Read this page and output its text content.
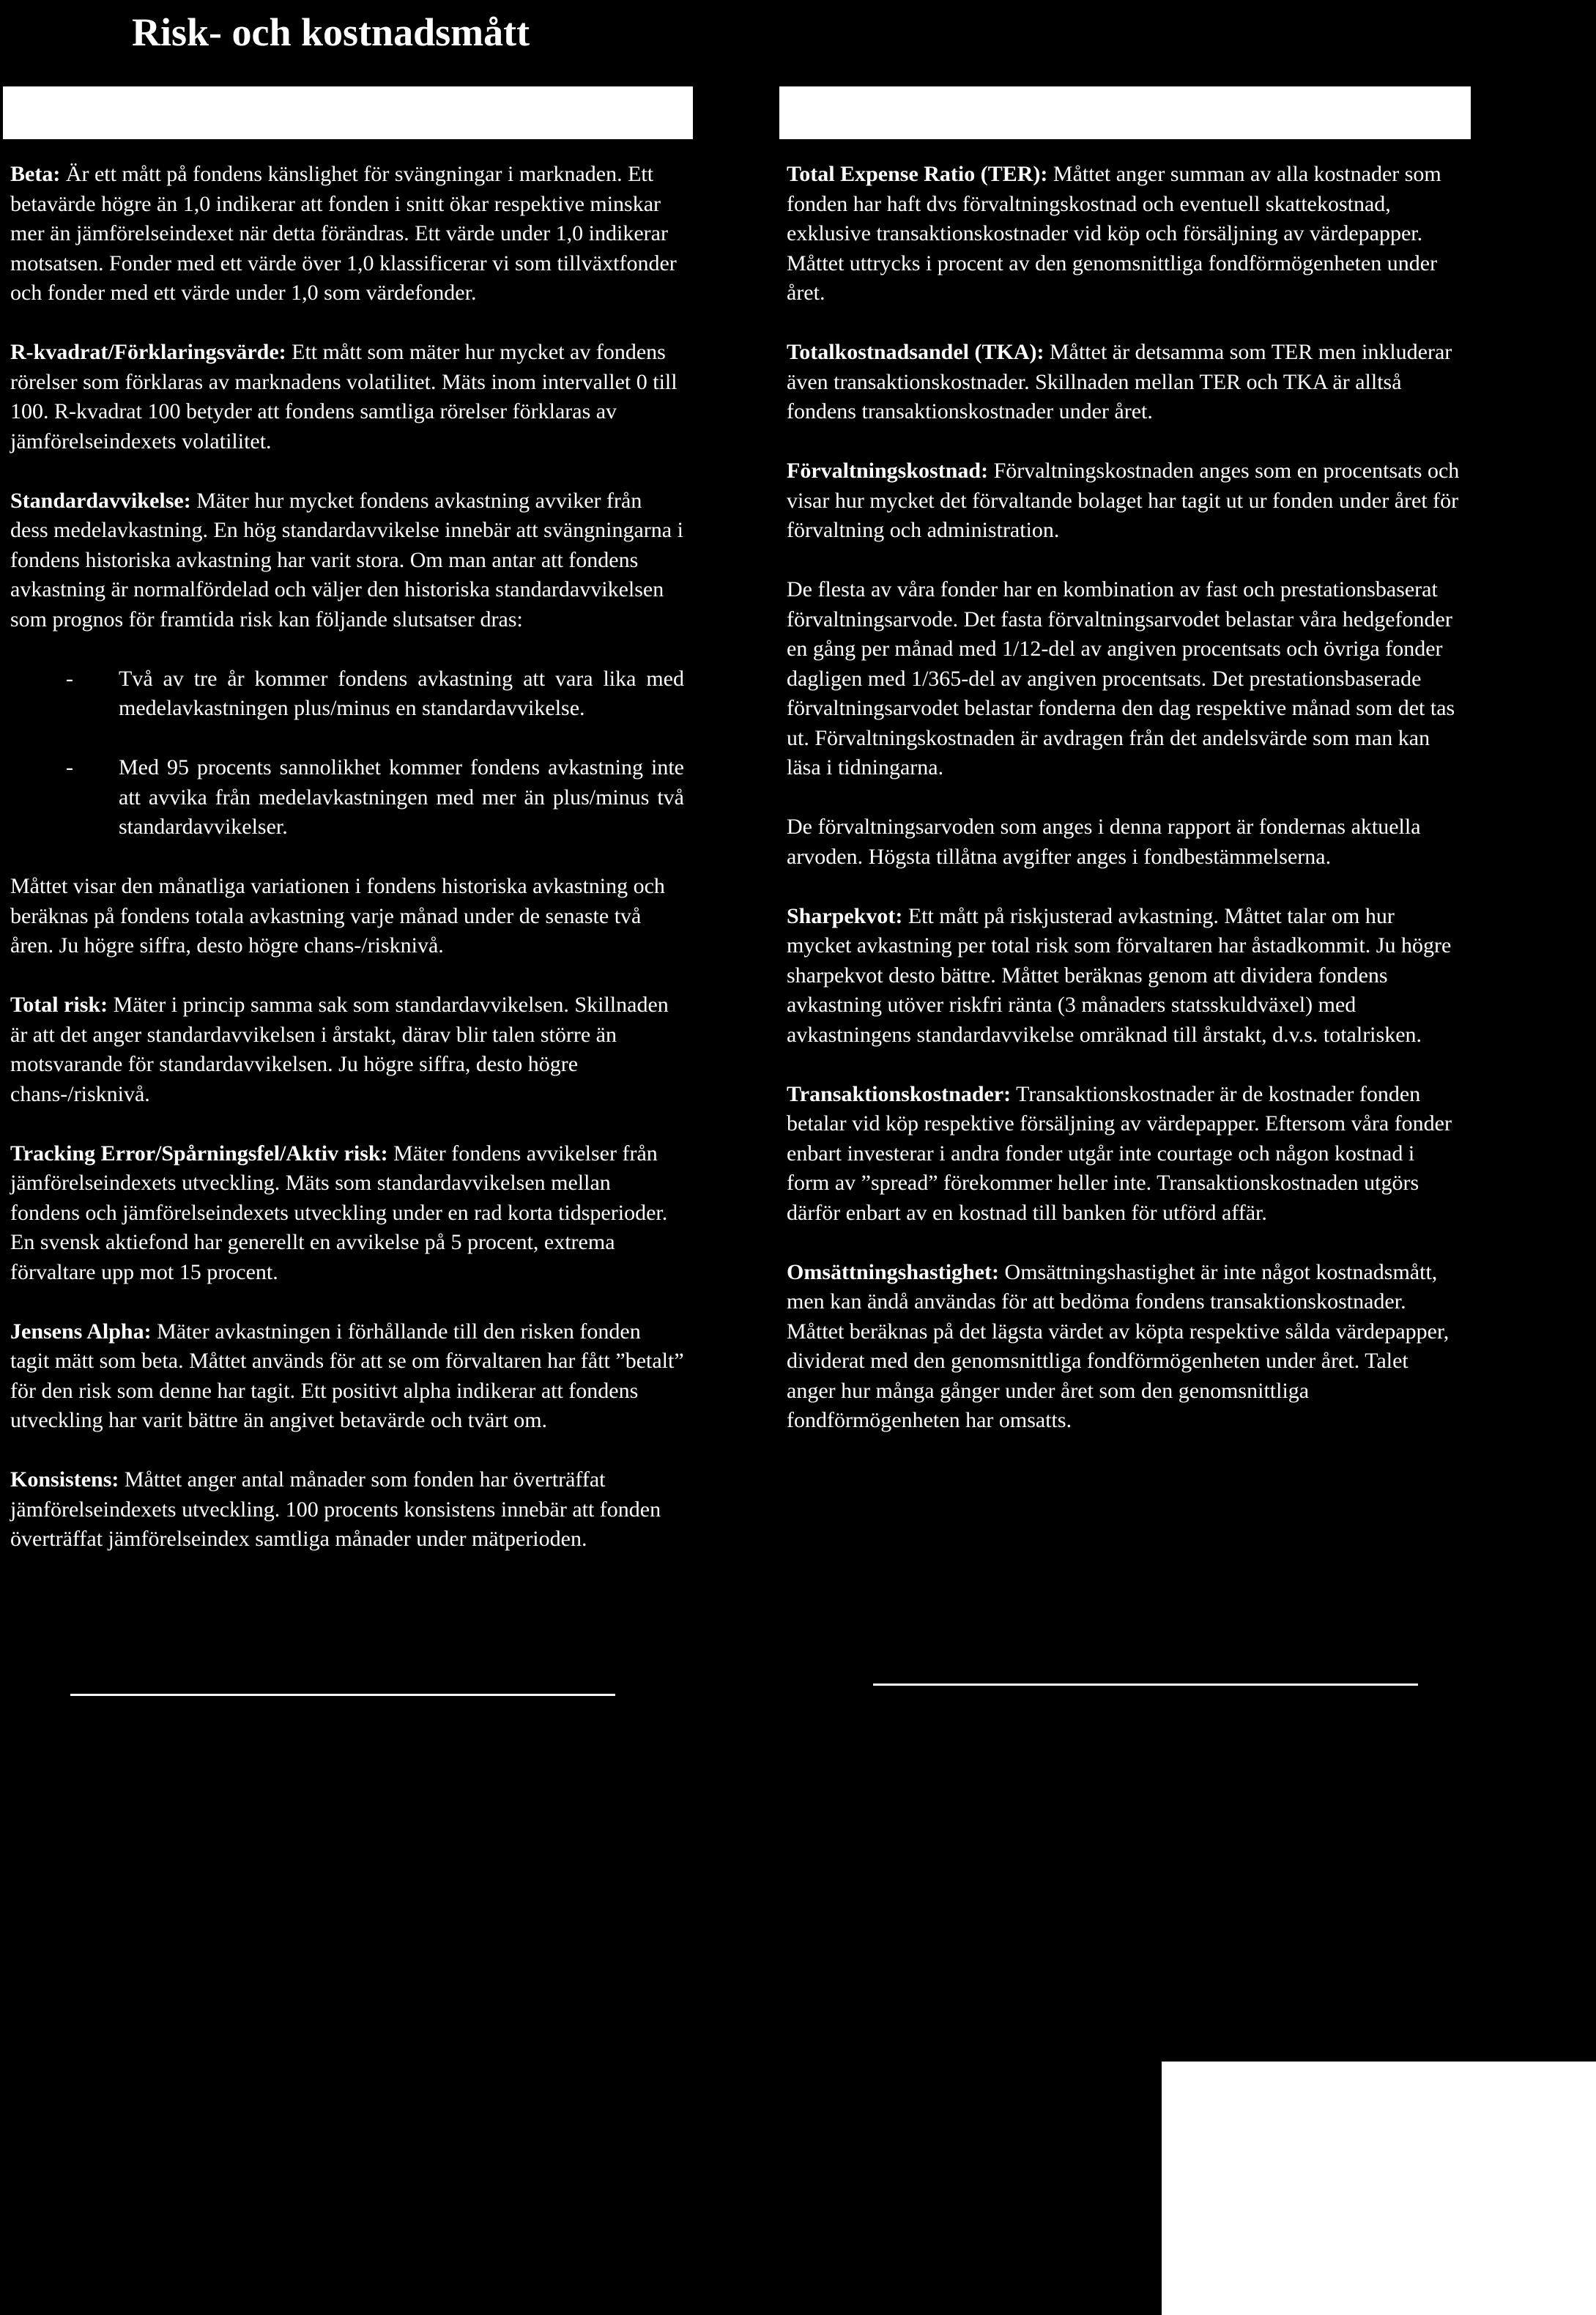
Risk- och kostnadsmått

Beta: Är ett mått på fondens känslighet för svängningar i marknaden. Ett betavärde högre än 1,0 indikerar att fonden i snitt ökar respektive minskar mer än jämförelseindexet när detta förändras. Ett värde under 1,0 indikerar motsatsen. Fonder med ett värde över 1,0 klassificerar vi som tillväxtfonder och fonder med ett värde under 1,0 som värdefonder.

R-kvadrat/Förklaringsvärde: Ett mått som mäter hur mycket av fondens rörelser som förklaras av marknadens volatilitet. Mäts inom intervallet 0 till 100. R-kvadrat 100 betyder att fondens samtliga rörelser förklaras av jämförelseindexets volatilitet.

Standardavvikelse: Mäter hur mycket fondens avkastning avviker från dess medelavkastning. En hög standardavvikelse innebär att svängningarna i fondens historiska avkastning har varit stora. Om man antar att fondens avkastning är normalfördelad och väljer den historiska standardavvikelsen som prognos för framtida risk kan följande slutsatser dras:

-	Två av tre år kommer fondens avkastning att vara lika med medelavkastningen plus/minus en standardavvikelse.
-	Med 95 procents sannolikhet kommer fondens avkastning inte att avvika från medelavkastningen med mer än plus/minus två standardavvikelser.

Måttet visar den månatliga variationen i fondens historiska avkastning och beräknas på fondens totala avkastning varje månad under de senaste två åren. Ju högre siffra, desto högre chans-/risknivå.

Total risk: Mäter i princip samma sak som standardavvikelsen. Skillnaden är att det anger standardavvikelsen i årstakt, därav blir talen större än motsvarande för standardavvikelsen. Ju högre siffra, desto högre chans-/risknivå.

Tracking Error/Spårningsfel/Aktiv risk: Mäter fondens avvikelser från jämförelseindexets utveckling. Mäts som standardavvikelsen mellan fondens och jämförelseindexets utveckling under en rad korta tidsperioder. En svensk aktiefond har generellt en avvikelse på 5 procent, extrema förvaltare upp mot 15 procent.

Jensens Alpha: Mäter avkastningen i förhållande till den risken fonden tagit mätt som beta. Måttet används för att se om förvaltaren har fått ”betalt” för den risk som denne har tagit. Ett positivt alpha indikerar att fondens utveckling har varit bättre än angivet betavärde och tvärt om.

Konsistens: Måttet anger antal månader som fonden har överträffat jämförelseindexets utveckling. 100 procents konsistens innebär att fonden överträffat jämförelseindex samtliga månader under mätperioden.

Total Expense Ratio (TER): Måttet anger summan av alla kostnader som fonden har haft dvs förvaltningskostnad och eventuell skattekostnad, exklusive transaktionskostnader vid köp och försäljning av värdepapper. Måttet uttrycks i procent av den genomsnittliga fondförmögenheten under året.

Totalkostnadsandel (TKA): Måttet är detsamma som TER men inkluderar även transaktionskostnader. Skillnaden mellan TER och TKA är alltså fondens transaktionskostnader under året.

Förvaltningskostnad: Förvaltningskostnaden anges som en procentsats och visar hur mycket det förvaltande bolaget har tagit ut ur fonden under året för förvaltning och administration.

De flesta av våra fonder har en kombination av fast och prestationsbaserat förvaltningsarvode. Det fasta förvaltningsarvodet belastar våra hedgefonder en gång per månad med 1/12-del av angiven procentsats och övriga fonder dagligen med 1/365-del av angiven procentsats. Det prestationsbaserade förvaltningsarvodet belastar fonderna den dag respektive månad som det tas ut. Förvaltningskostnaden är avdragen från det andelsvärde som man kan läsa i tidningarna.

De förvaltningsarvoden som anges i denna rapport är fondernas aktuella arvoden. Högsta tillåtna avgifter anges i fondbestämmelserna.

Sharpekvot: Ett mått på riskjusterad avkastning. Måttet talar om hur mycket avkastning per total risk som förvaltaren har åstadkommit. Ju högre sharpekvot desto bättre. Måttet beräknas genom att dividera fondens avkastning utöver riskfri ränta (3 månaders statsskuldväxel) med avkastningens standardavvikelse omräknad till årstakt, d.v.s. totalrisken.

Transaktionskostnader: Transaktionskostnader är de kostnader fonden betalar vid köp respektive försäljning av värdepapper. Eftersom våra fonder enbart investerar i andra fonder utgår inte courtage och någon kostnad i form av ”spread” förekommer heller inte. Transaktionskostnaden utgörs därför enbart av en kostnad till banken för utförd affär.

Omsättningshastighet: Omsättningshastighet är inte något kostnadsmått, men kan ändå användas för att bedöma fondens transaktionskostnader. Måttet beräknas på det lägsta värdet av köpta respektive sålda värdepapper, dividerat med den genomsnittliga fondförmögenheten under året. Talet anger hur många gånger under året som den genomsnittliga fondförmögenheten har omsatts.
